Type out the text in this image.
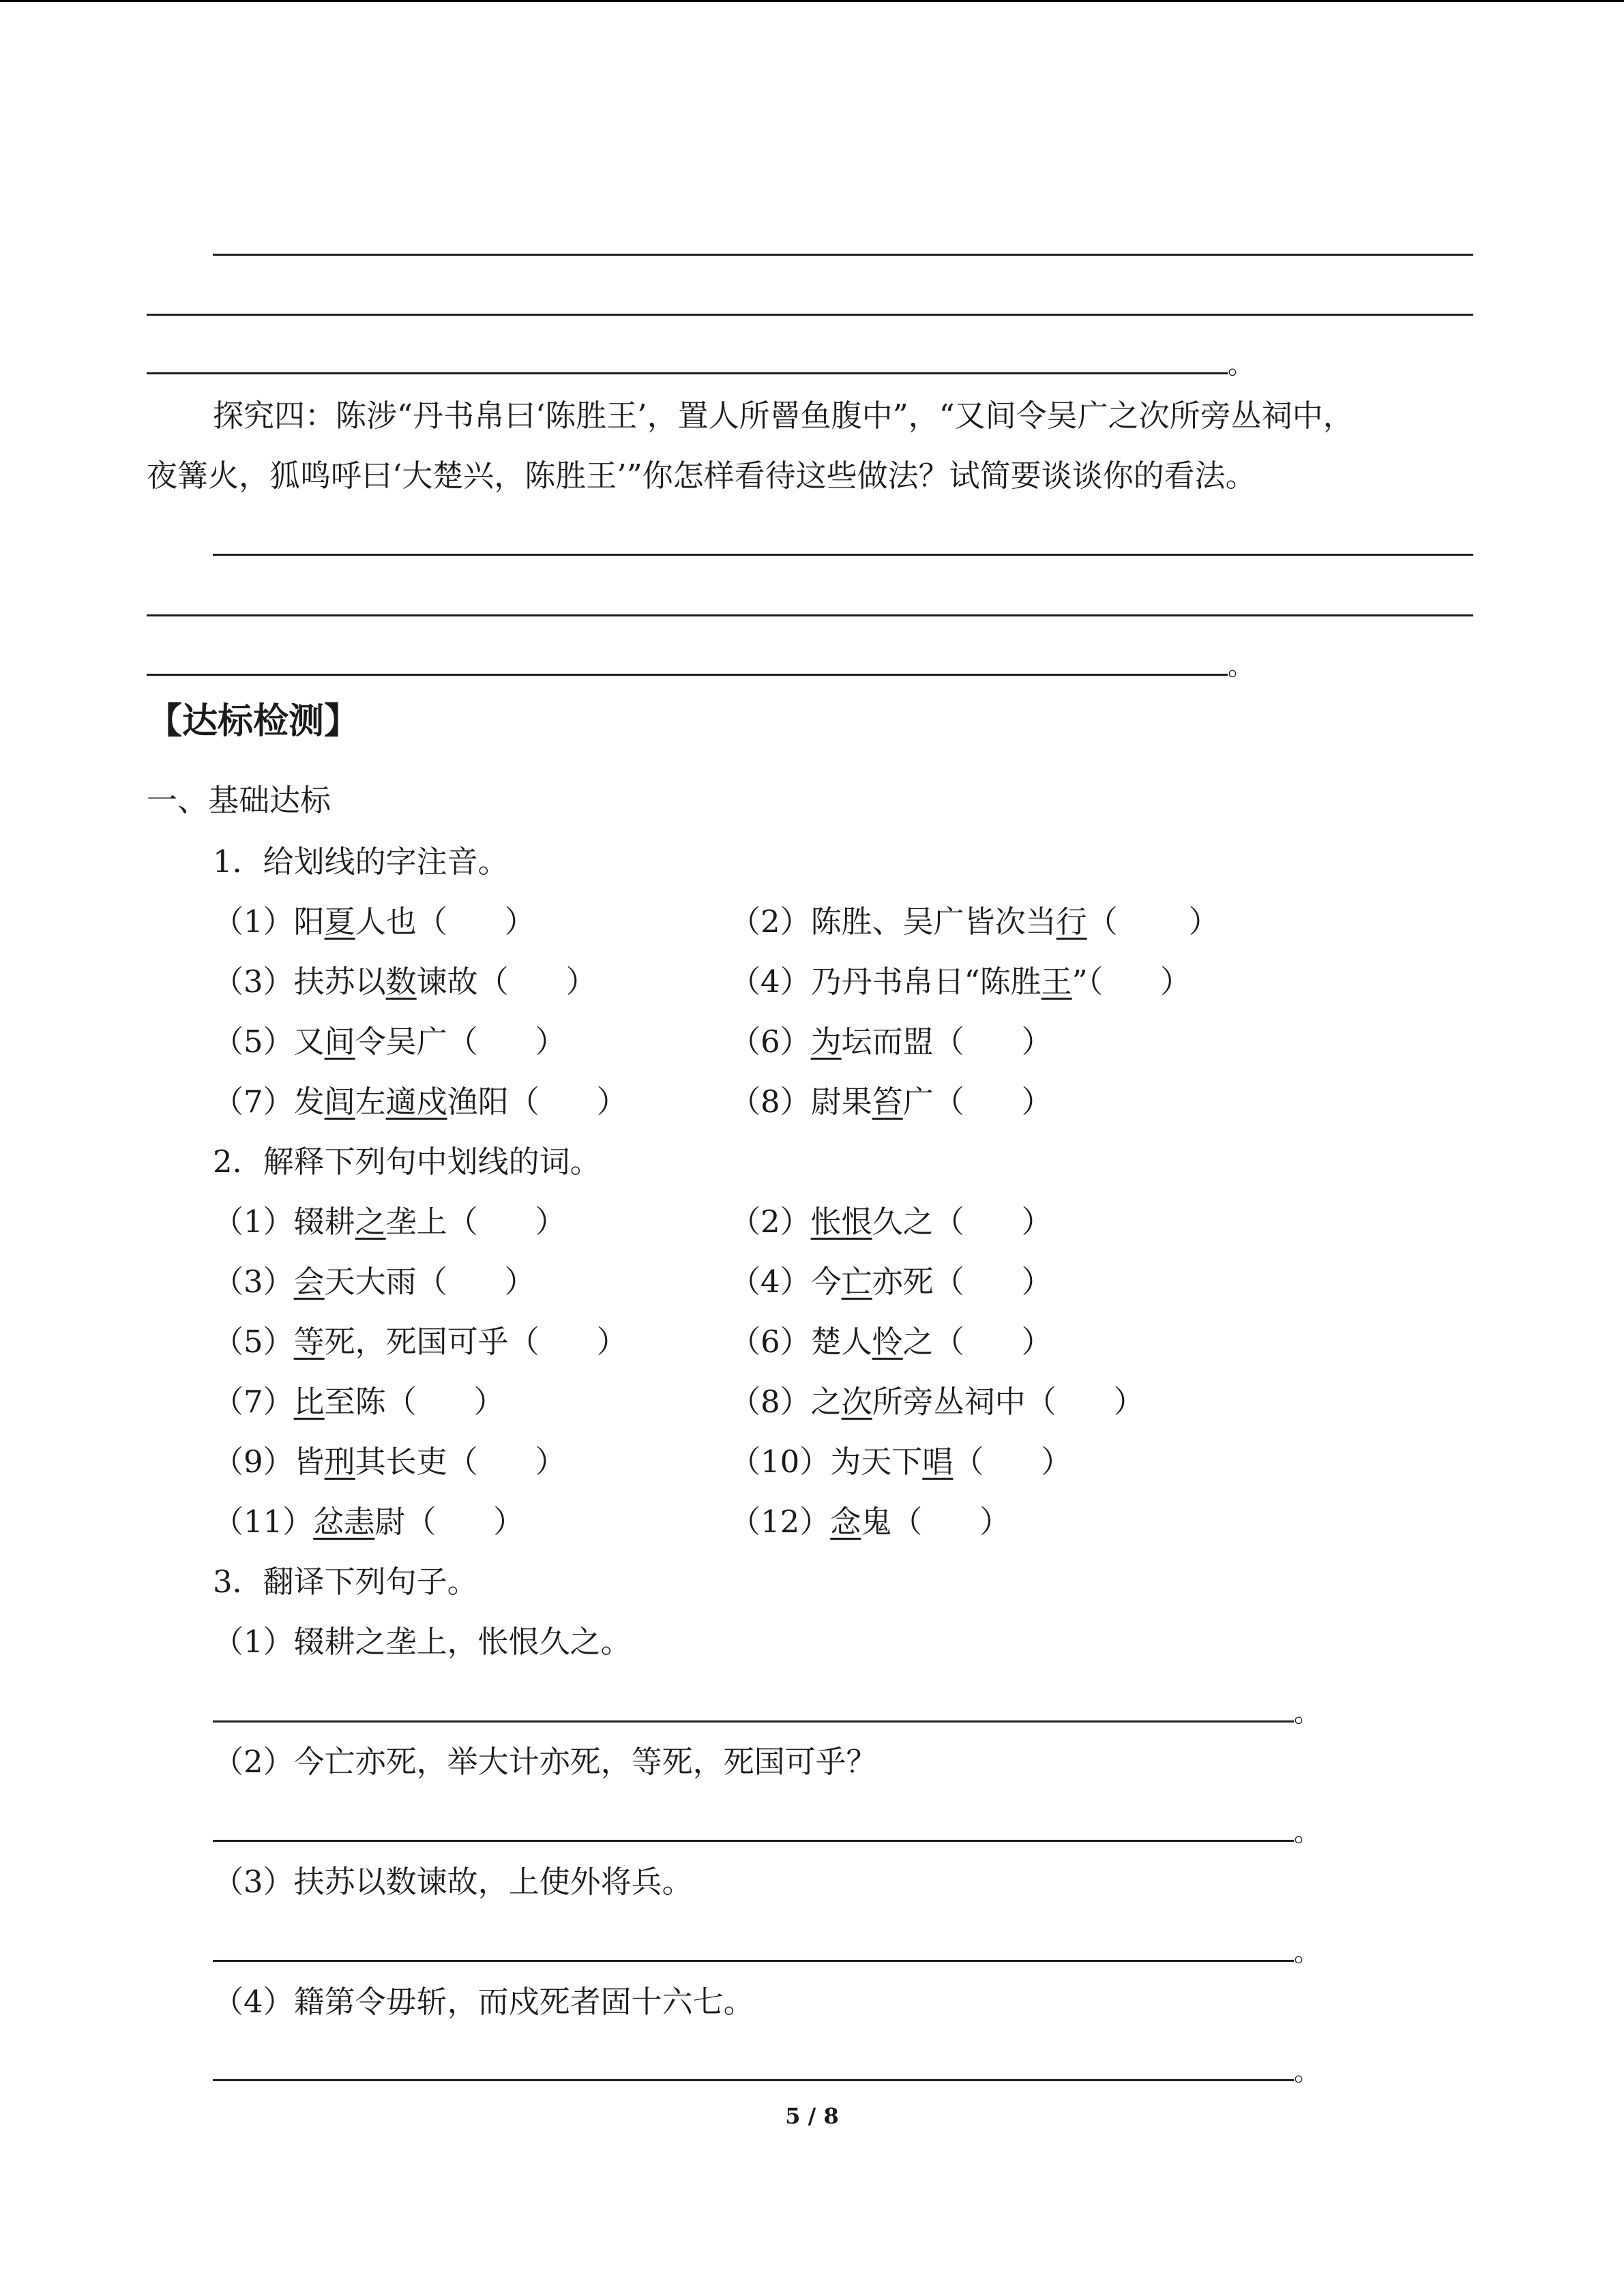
。
探究四：陈涉“丹书帛曰‘陈胜王’，置人所罾鱼腹中”，“又间令吴广之次所旁丛祠中，
夜篝火，狐鸣呼曰‘大楚兴，陈胜王’”你怎样看待这些做法？试简要谈谈你的看法。
。
【达标检测】
一、基础达标
1．给划线的字注音。
（1）阳夏人也（ ）	（2）陈胜、吴广皆次当行（ ）
（3）扶苏以数谏故（ ）	（4）乃丹书帛日“陈胜王”（ ）
（5）又间令吴广（ ）	（6）为坛而盟（ ）
（7）发闾左適戍渔阳（ ）	（8）尉果笞广（ ）
2．解释下列句中划线的词。
（1）辍耕之垄上（ ）	（2）怅恨久之（ ）
（3）会天大雨（ ）	（4）今亡亦死（ ）
（5）等死，死国可乎（ ）	（6）楚人怜之（ ）
（7）比至陈（ ）	（8）之次所旁丛祠中（ ）
（9）皆刑其长吏（ ）	（10）为天下唱（ ）
（11）忿恚尉（ ）	（12）念鬼（ ）
3．翻译下列句子。
（1）辍耕之垄上，怅恨久之。
。
（2）今亡亦死，举大计亦死，等死，死国可乎？
。
（3）扶苏以数谏故，上使外将兵。
。
（4）籍第令毋斩，而戍死者固十六七。
。
5 / 8
